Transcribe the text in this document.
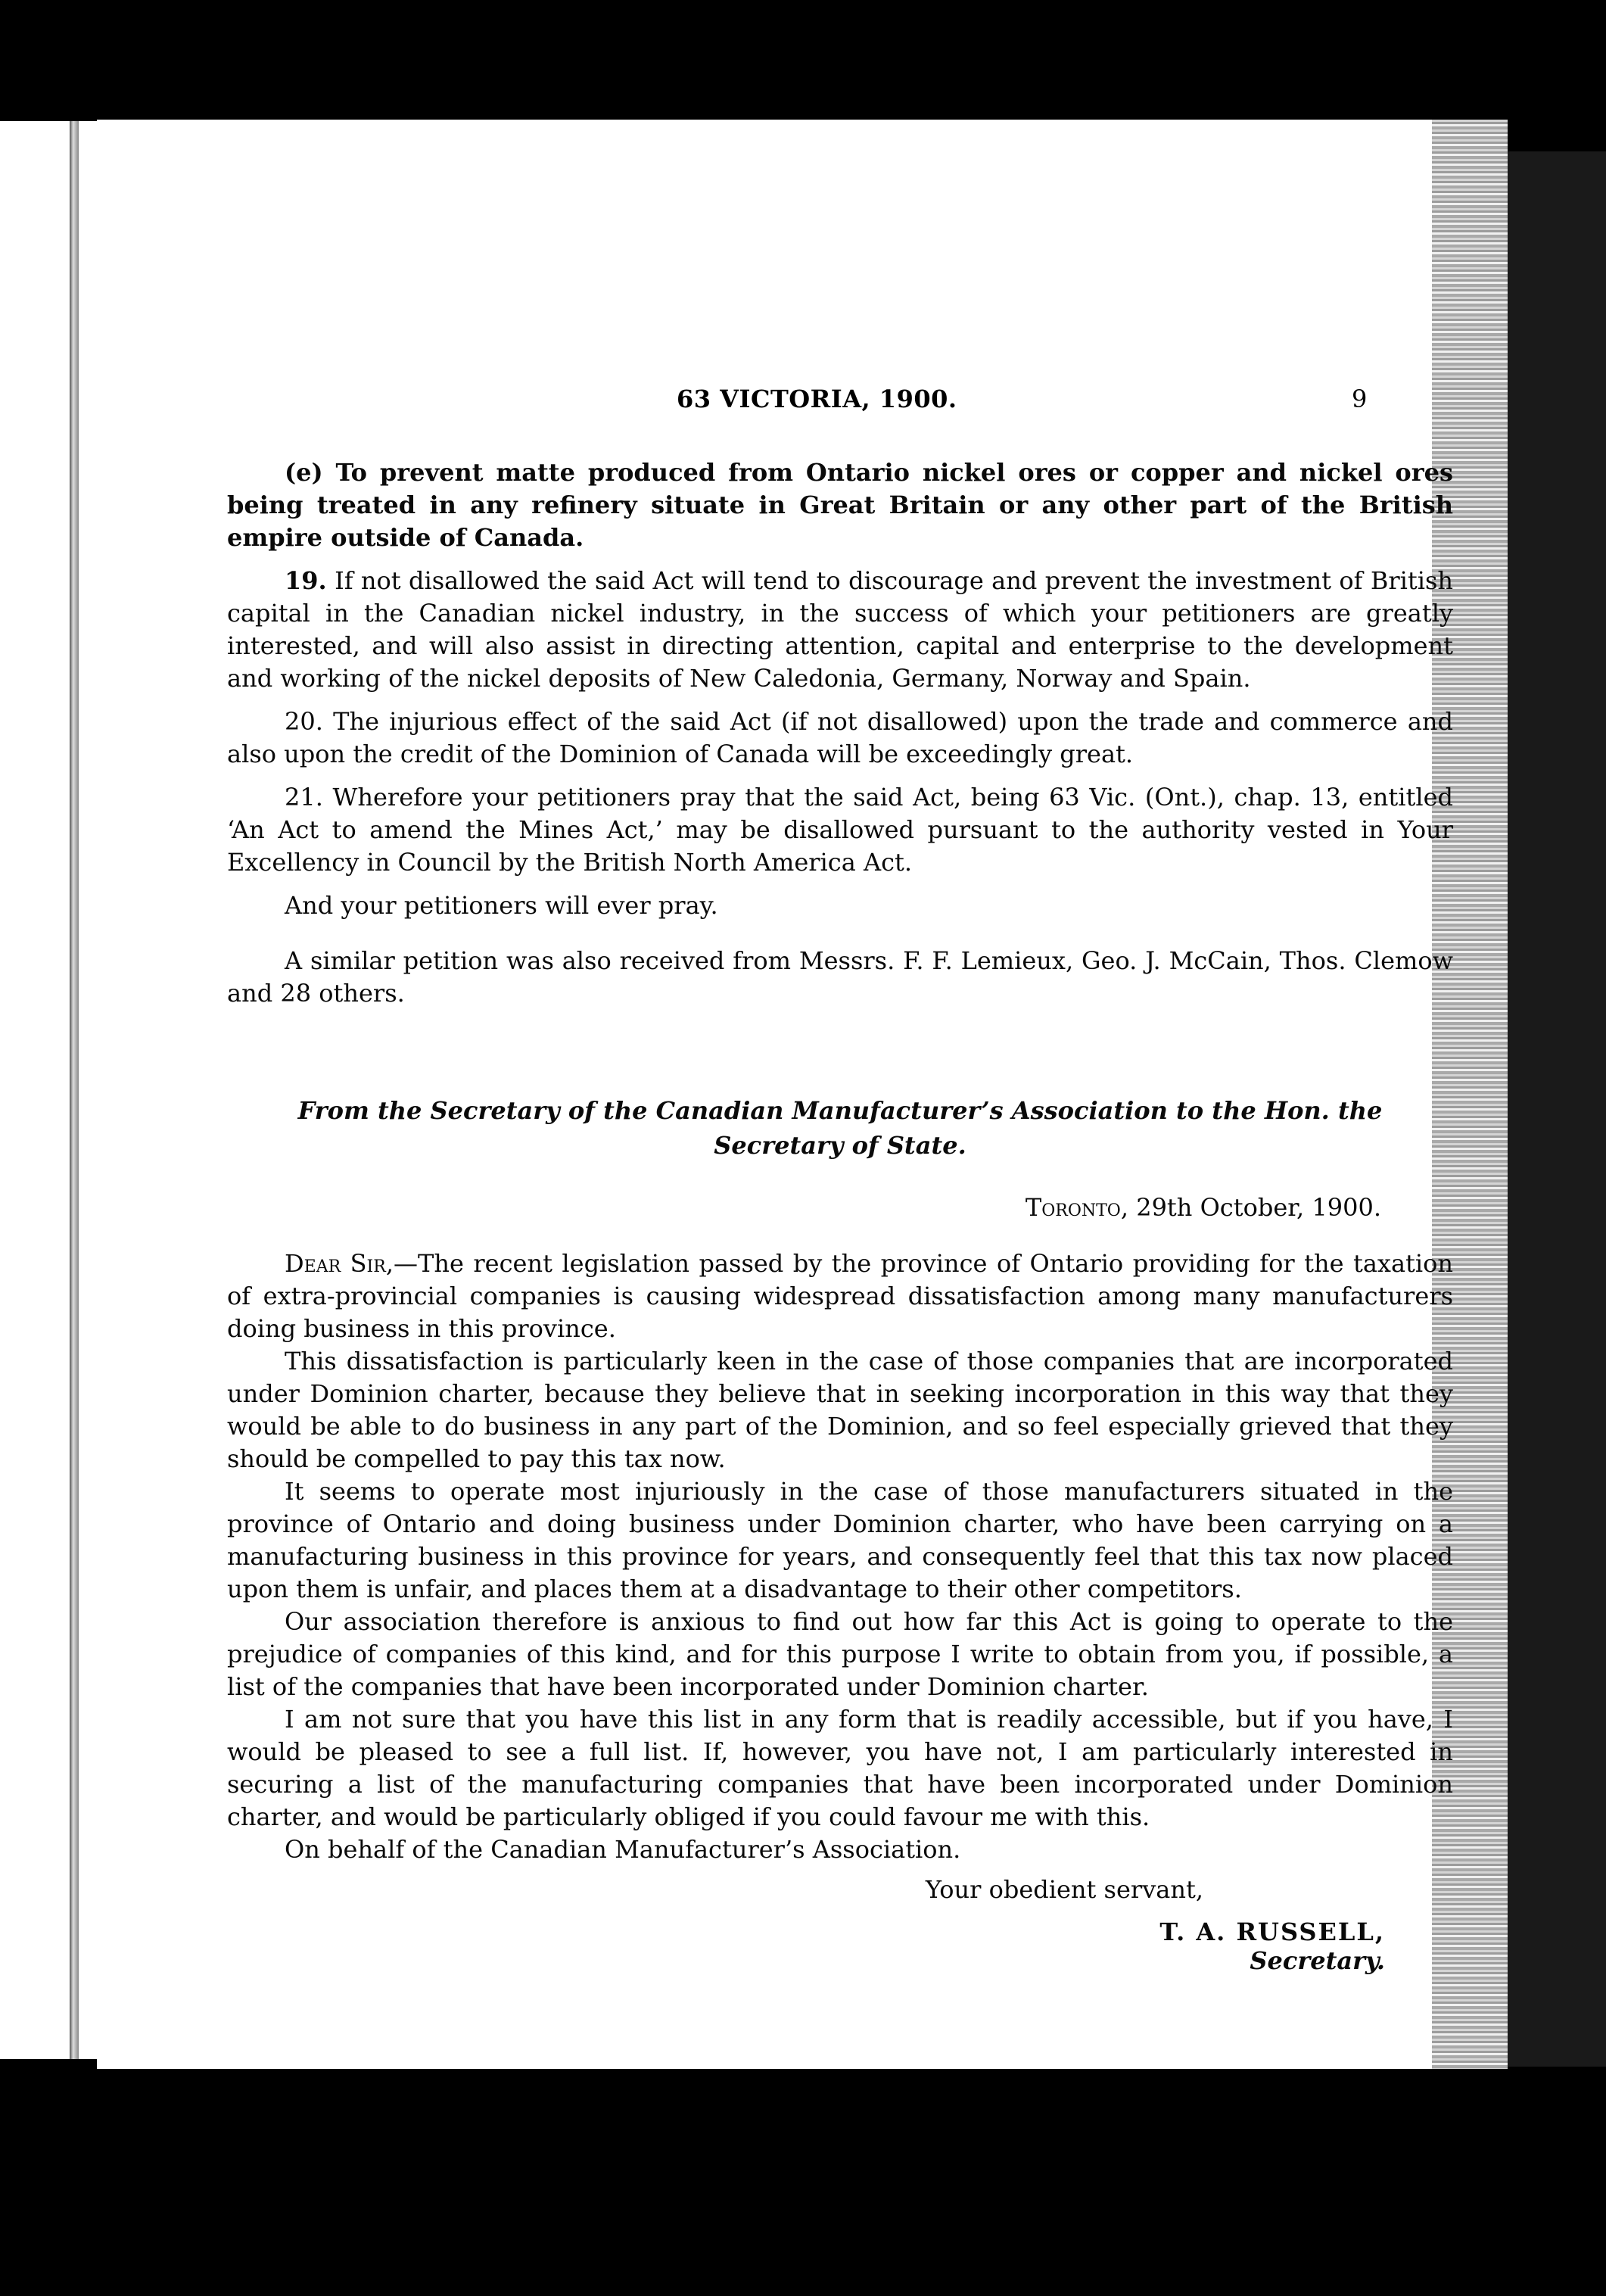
63 VICTORIA, 1900.	9

(e) To prevent matte produced from Ontario nickel ores or copper and nickel ores being treated in any refinery situate in Great Britain or any other part of the British empire outside of Canada.

19. If not disallowed the said Act will tend to discourage and prevent the investment of British capital in the Canadian nickel industry, in the success of which your petitioners are greatly interested, and will also assist in directing attention, capital and enterprise to the development and working of the nickel deposits of New Caledonia, Germany, Norway and Spain.

20. The injurious effect of the said Act (if not disallowed) upon the trade and commerce and also upon the credit of the Dominion of Canada will be exceedingly great.

21. Wherefore your petitioners pray that the said Act, being 63 Vic. (Ont.), chap. 13, entitled ‘An Act to amend the Mines Act,’ may be disallowed pursuant to the authority vested in Your Excellency in Council by the British North America Act.

And your petitioners will ever pray.

A similar petition was also received from Messrs. F. F. Lemieux, Geo. J. McCain, Thos. Clemow and 28 others.

From the Secretary of the Canadian Manufacturer’s Association to the Hon. the
Secretary of State.
Toronto, 29th October, 1900.

Dear Sir,—The recent legislation passed by the province of Ontario providing for the taxation of extra-provincial companies is causing widespread dissatisfaction among many manufacturers doing business in this province.

This dissatisfaction is particularly keen in the case of those companies that are incorporated under Dominion charter, because they believe that in seeking incorporation in this way that they would be able to do business in any part of the Dominion, and so feel especially grieved that they should be compelled to pay this tax now.

It seems to operate most injuriously in the case of those manufacturers situated in the province of Ontario and doing business under Dominion charter, who have been carrying on a manufacturing business in this province for years, and consequently feel that this tax now placed upon them is unfair, and places them at a disadvantage to their other competitors.

Our association therefore is anxious to find out how far this Act is going to operate to the prejudice of companies of this kind, and for this purpose I write to obtain from you, if possible, a list of the companies that have been incorporated under Dominion charter.

I am not sure that you have this list in any form that is readily accessible, but if you have, I would be pleased to see a full list. If, however, you have not, I am particularly interested in securing a list of the manufacturing companies that have been incorporated under Dominion charter, and would be particularly obliged if you could favour me with this.

On behalf of the Canadian Manufacturer’s Association.

Your obedient servant,
T. A. RUSSELL,
Secretary.
